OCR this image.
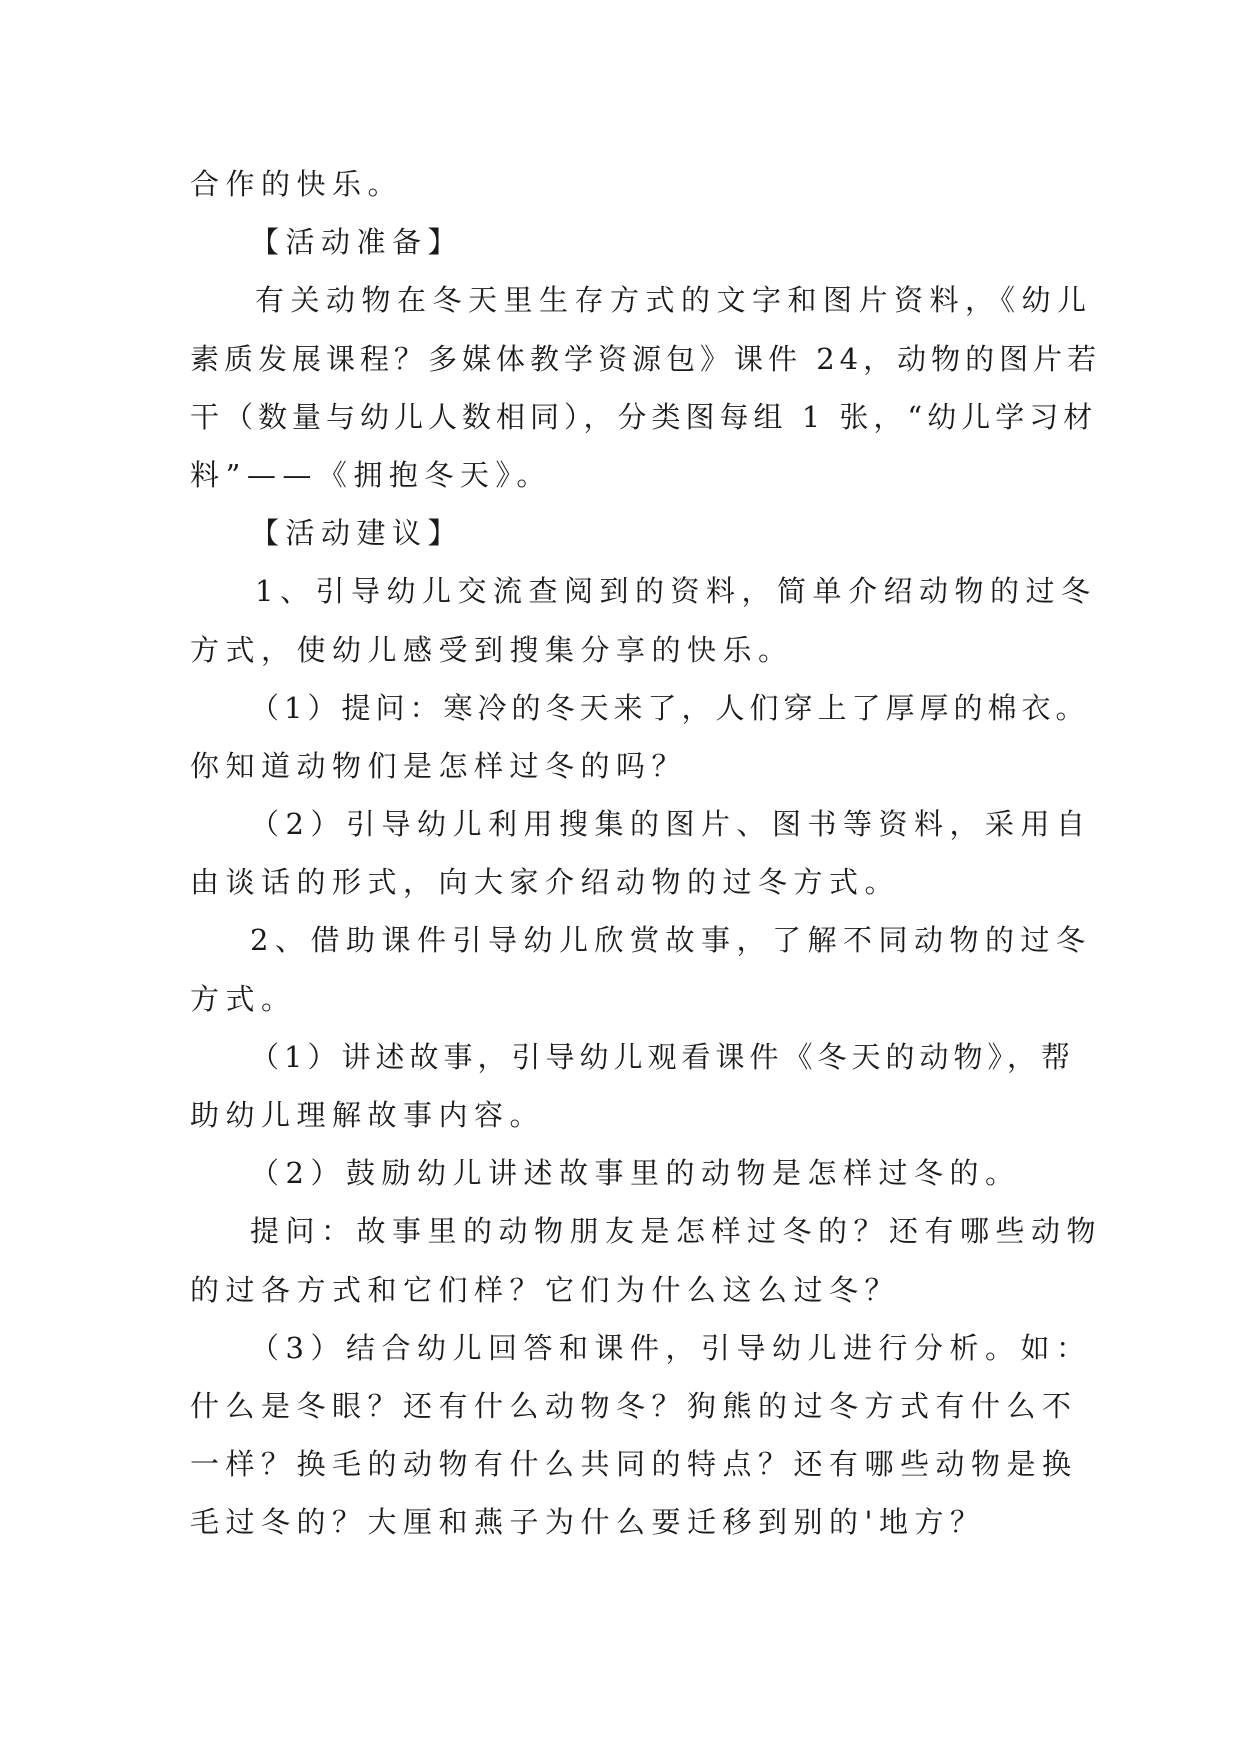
合作的快乐。
【活动准备】
有关动物在冬天里生存方式的文字和图片资料，《幼儿
素质发展课程？多媒体教学资源包》课件 24，动物的图片若
干（数量与幼儿人数相同），分类图每组 1 张，“幼儿学习材
料”——《拥抱冬天》。
【活动建议】
1、引导幼儿交流查阅到的资料，简单介绍动物的过冬
方式，使幼儿感受到搜集分享的快乐。
（1）提问：寒冷的冬天来了，人们穿上了厚厚的棉衣。
你知道动物们是怎样过冬的吗？
（2）引导幼儿利用搜集的图片、图书等资料，采用自
由谈话的形式，向大家介绍动物的过冬方式。
2、借助课件引导幼儿欣赏故事，了解不同动物的过冬
方式。
（1）讲述故事，引导幼儿观看课件《冬天的动物》，帮
助幼儿理解故事内容。
（2）鼓励幼儿讲述故事里的动物是怎样过冬的。
提问：故事里的动物朋友是怎样过冬的？还有哪些动物
的过各方式和它们样？它们为什么这么过冬？
（3）结合幼儿回答和课件，引导幼儿进行分析。如：
什么是冬眼？还有什么动物冬？狗熊的过冬方式有什么不
一样？换毛的动物有什么共同的特点？还有哪些动物是换
毛过冬的？大厘和燕子为什么要迁移到别的'地方？
